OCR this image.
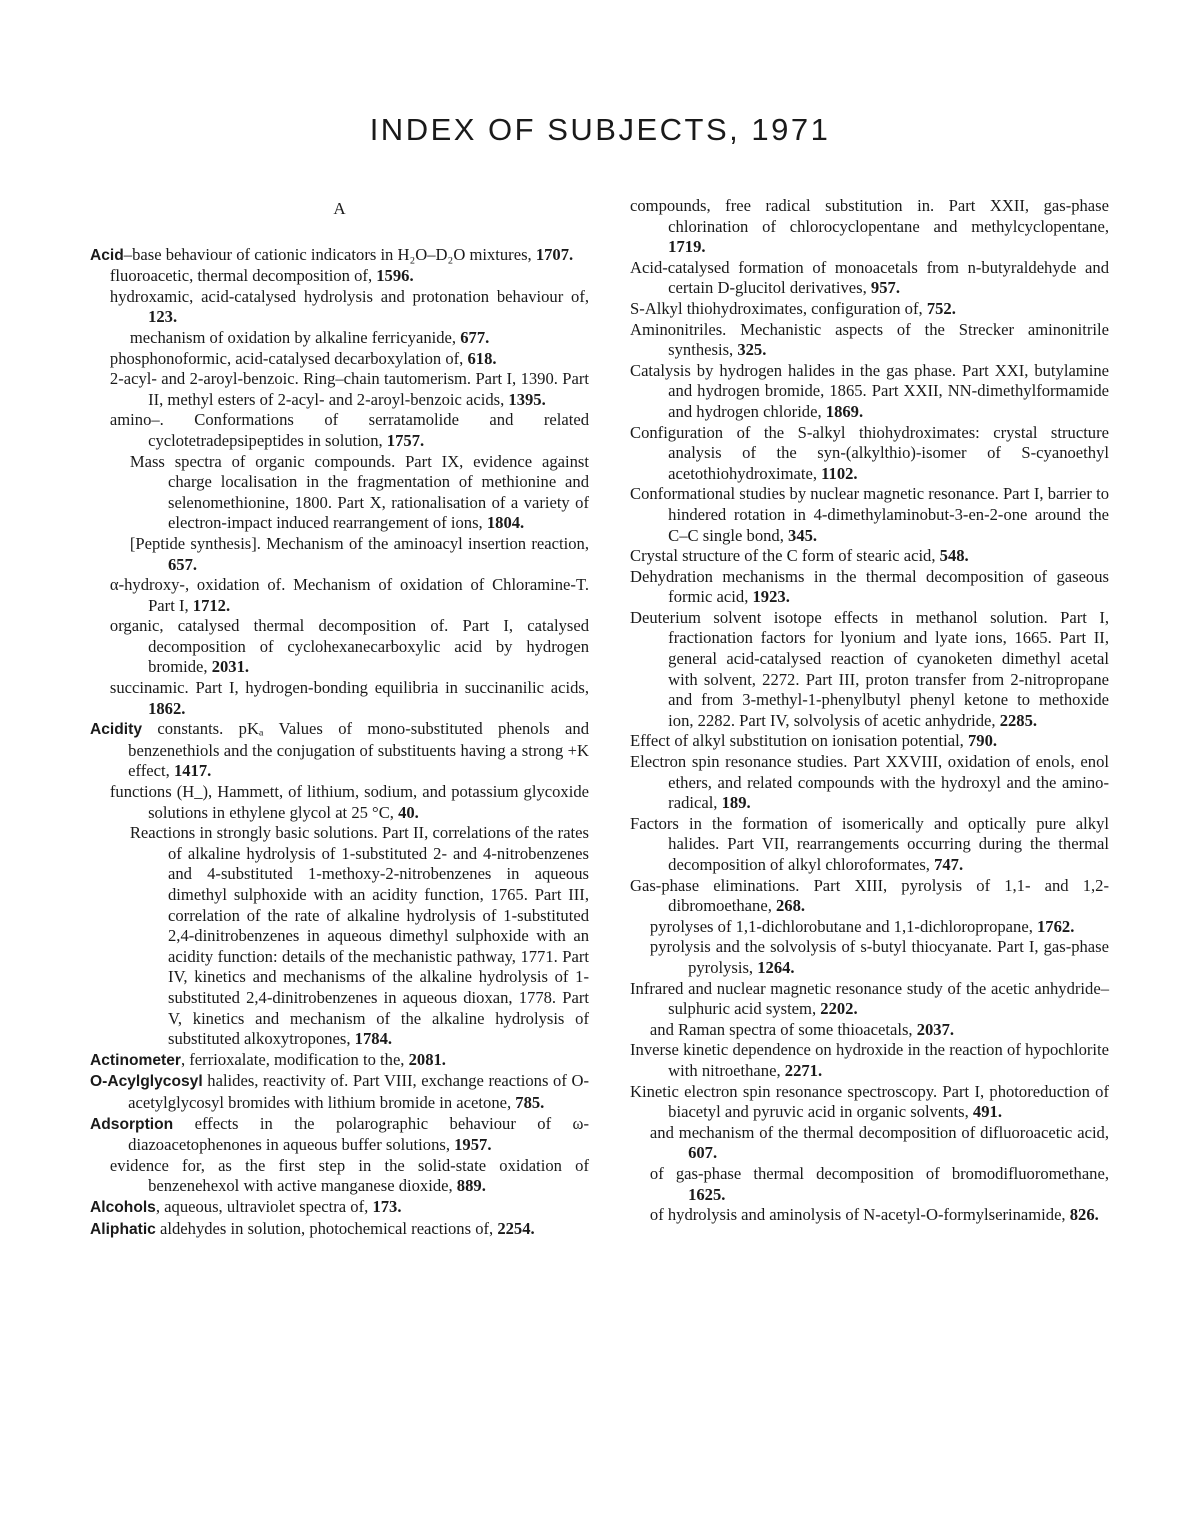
INDEX OF SUBJECTS, 1971
A

Acid–base behaviour of cationic indicators in H₂O–D₂O mixtures, 1707.

fluoroacetic, thermal decomposition of, 1596.

hydroxamic, acid-catalysed hydrolysis and protonation behaviour of, 123.

mechanism of oxidation by alkaline ferricyanide, 677.

phosphonoformic, acid-catalysed decarboxylation of, 618.

2-acyl- and 2-aroyl-benzoic. Ring–chain tautomerism. Part I, 1390. Part II, methyl esters of 2-acyl- and 2-aroyl-benzoic acids, 1395.

amino–. Conformations of serratamolide and related cyclotetradepsipeptides in solution, 1757.

Mass spectra of organic compounds. Part IX, evidence against charge localisation in the fragmentation of methionine and selenomethionine, 1800. Part X, rationalisation of a variety of electron-impact induced rearrangement of ions, 1804.

[Peptide synthesis]. Mechanism of the aminoacyl insertion reaction, 657.

α-hydroxy-, oxidation of. Mechanism of oxidation of Chloramine-T. Part I, 1712.

organic, catalysed thermal decomposition of. Part I, catalysed decomposition of cyclohexanecarboxylic acid by hydrogen bromide, 2031.

succinamic. Part I, hydrogen-bonding equilibria in succinanilic acids, 1862.

Acidity constants. pKₐ Values of mono-substituted phenols and benzenethiols and the conjugation of substituents having a strong +K effect, 1417.

functions (H_), Hammett, of lithium, sodium, and potassium glycoxide solutions in ethylene glycol at 25 °C, 40.

Reactions in strongly basic solutions. Part II, correlations of the rates of alkaline hydrolysis of 1-substituted 2- and 4-nitrobenzenes and 4-substituted 1-methoxy-2-nitrobenzenes in aqueous dimethyl sulphoxide with an acidity function, 1765. Part III, correlation of the rate of alkaline hydrolysis of 1-substituted 2,4-dinitrobenzenes in aqueous dimethyl sulphoxide with an acidity function: details of the mechanistic pathway, 1771. Part IV, kinetics and mechanisms of the alkaline hydrolysis of 1-substituted 2,4-dinitrobenzenes in aqueous dioxan, 1778. Part V, kinetics and mechanism of the alkaline hydrolysis of substituted alkoxytropones, 1784.

Actinometer, ferrioxalate, modification to the, 2081.

O-Acylglycosyl halides, reactivity of. Part VIII, exchange reactions of O-acetylglycosyl bromides with lithium bromide in acetone, 785.

Adsorption effects in the polarographic behaviour of ω-diazoacetophenones in aqueous buffer solutions, 1957.

evidence for, as the first step in the solid-state oxidation of benzenehexol with active manganese dioxide, 889.

Alcohols, aqueous, ultraviolet spectra of, 173.

Aliphatic aldehydes in solution, photochemical reactions of, 2254.

compounds, free radical substitution in. Part XXII, gas-phase chlorination of chlorocyclopentane and methylcyclopentane, 1719.

Acid-catalysed formation of monoacetals from n-butyraldehyde and certain D-glucitol derivatives, 957.

S-Alkyl thiohydroximates, configuration of, 752.

Aminonitriles. Mechanistic aspects of the Strecker aminonitrile synthesis, 325.

Catalysis by hydrogen halides in the gas phase. Part XXI, butylamine and hydrogen bromide, 1865. Part XXII, NN-dimethylformamide and hydrogen chloride, 1869.

Configuration of the S-alkyl thiohydroximates: crystal structure analysis of the syn-(alkylthio)-isomer of S-cyanoethyl acetothiohydroximate, 1102.

Conformational studies by nuclear magnetic resonance. Part I, barrier to hindered rotation in 4-dimethylaminobut-3-en-2-one around the C–C single bond, 345.

Crystal structure of the C form of stearic acid, 548.

Dehydration mechanisms in the thermal decomposition of gaseous formic acid, 1923.

Deuterium solvent isotope effects in methanol solution. Part I, fractionation factors for lyonium and lyate ions, 1665. Part II, general acid-catalysed reaction of cyanoketen dimethyl acetal with solvent, 2272. Part III, proton transfer from 2-nitropropane and from 3-methyl-1-phenylbutyl phenyl ketone to methoxide ion, 2282. Part IV, solvolysis of acetic anhydride, 2285.

Effect of alkyl substitution on ionisation potential, 790.

Electron spin resonance studies. Part XXVIII, oxidation of enols, enol ethers, and related compounds with the hydroxyl and the amino-radical, 189.

Factors in the formation of isomerically and optically pure alkyl halides. Part VII, rearrangements occurring during the thermal decomposition of alkyl chloroformates, 747.

Gas-phase eliminations. Part XIII, pyrolysis of 1,1- and 1,2-dibromoethane, 268.

pyrolyses of 1,1-dichlorobutane and 1,1-dichloropropane, 1762.

pyrolysis and the solvolysis of s-butyl thiocyanate. Part I, gas-phase pyrolysis, 1264.

Infrared and nuclear magnetic resonance study of the acetic anhydride–sulphuric acid system, 2202.

and Raman spectra of some thioacetals, 2037.

Inverse kinetic dependence on hydroxide in the reaction of hypochlorite with nitroethane, 2271.

Kinetic electron spin resonance spectroscopy. Part I, photoreduction of biacetyl and pyruvic acid in organic solvents, 491.

and mechanism of the thermal decomposition of difluoroacetic acid, 607.

of gas-phase thermal decomposition of bromodifluoromethane, 1625.

of hydrolysis and aminolysis of N-acetyl-O-formylserinamide, 826.
